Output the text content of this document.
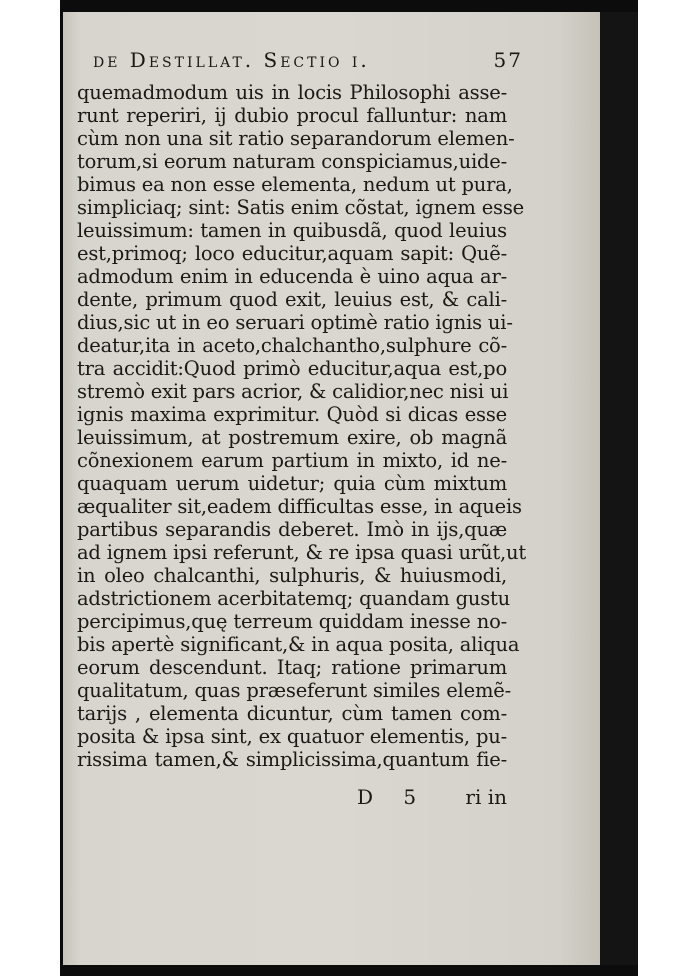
de Destillat. Sectio i.	57
quemadmodum uis in locis Philosophi asse-
runt reperiri, ij dubio procul falluntur: nam
cùm non una sit ratio separandorum elemen-
torum,si eorum naturam conspiciamus,uide-
bimus ea non esse elementa, nedum ut pura,
simpliciaq; sint: Satis enim cõstat, ignem esse
leuissimum: tamen in quibusdã, quod leuius
est,primoq; loco educitur,aquam sapit: Quẽ-
admodum enim in educenda è uino aqua ar-
dente, primum quod exit, leuius est, & cali-
dius,sic ut in eo seruari optimè ratio ignis ui-
deatur,ita in aceto,chalchantho,sulphure cõ-
tra accidit:Quod primò educitur,aqua est,po
stremò exit pars acrior, & calidior,nec nisi ui
ignis maxima exprimitur. Quòd si dicas esse
leuissimum, at postremum exire, ob magnã
cõnexionem earum partium in mixto, id ne-
quaquam uerum uidetur; quia cùm mixtum
æqualiter sit,eadem difficultas esse, in aqueis
partibus separandis deberet. Imò in ijs,quæ
ad ignem ipsi referunt, & re ipsa quasi urũt,ut
in oleo chalcanthi, sulphuris, & huiusmodi,
adstrictionem acerbitatemq; quandam gustu
percipimus,quę terreum quiddam inesse no-
bis apertè significant,& in aqua posita, aliqua
eorum descendunt. Itaq; ratione primarum
qualitatum, quas præseferunt similes elemẽ-
tarijs , elementa dicuntur, cùm tamen com-
posita & ipsa sint, ex quatuor elementis, pu-
rissima tamen,& simplicissima,quantum fie-
D 5 ri in
